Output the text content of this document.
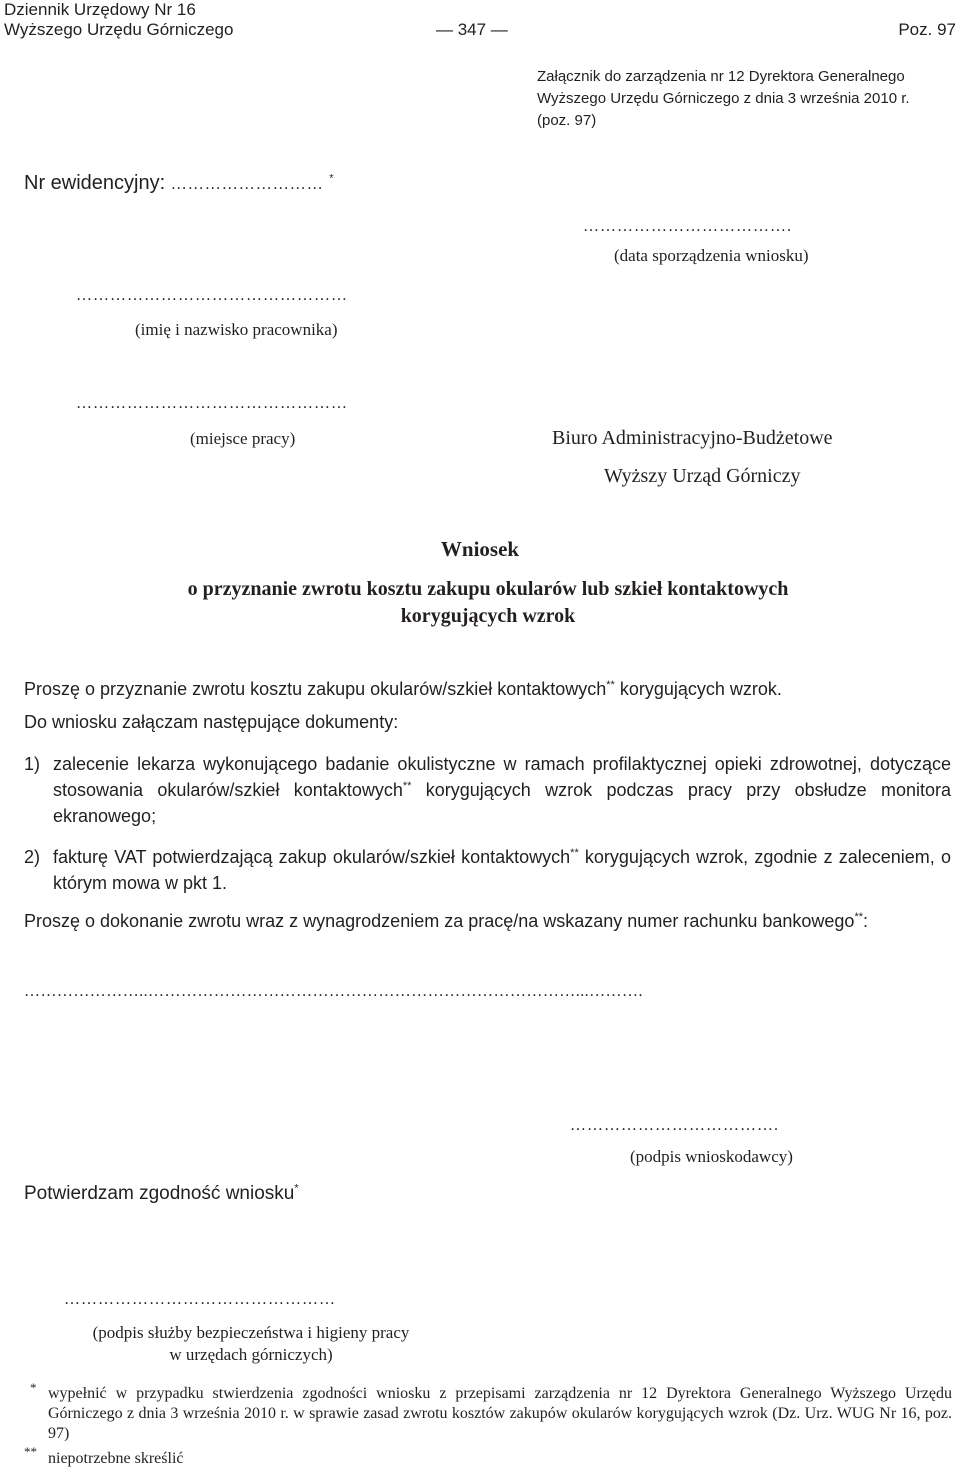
Dziennik Urzędowy Nr 16
Wyższego Urzędu Górniczego	— 347 —	Poz. 97
Załącznik do zarządzenia nr 12 Dyrektora Generalnego
Wyższego Urzędu Górniczego z dnia 3 września 2010 r.
(poz. 97)
Nr ewidencyjny: ……………………… *
……………………………….
(data sporządzenia wniosku)
…………………………………………
(imię i nazwisko pracownika)
…………………………………………
(miejsce pracy)	Biuro Administracyjno-Budżetowe
Wyższy Urząd Górniczy
Wniosek
o przyznanie zwrotu kosztu zakupu okularów lub szkieł kontaktowych
korygujących wzrok
Proszę o przyznanie zwrotu kosztu zakupu okularów/szkieł kontaktowych** korygujących wzrok.
Do wniosku załączam następujące dokumenty:
1) zalecenie lekarza wykonującego badanie okulistyczne w ramach profilaktycznej opieki zdrowotnej, dotyczące stosowania okularów/szkieł kontaktowych** korygujących wzrok podczas pracy przy obsłudze monitora ekranowego;
2) fakturę VAT potwierdzającą zakup okularów/szkieł kontaktowych** korygujących wzrok, zgodnie z zaleceniem, o którym mowa w pkt 1.
Proszę o dokonanie zwrotu wraz z wynagrodzeniem za pracę/na wskazany numer rachunku bankowego**:
…………………..……………………………………………………………………...……….
……………………………….
(podpis wnioskodawcy)
Potwierdzam zgodność wniosku*
…………………………………………
(podpis służby bezpieczeństwa i higieny pracy
w urzędach górniczych)
* wypełnić w przypadku stwierdzenia zgodności wniosku z przepisami zarządzenia nr 12 Dyrektora Generalnego Wyższego Urzędu Górniczego z dnia 3 września 2010 r. w sprawie zasad zwrotu kosztów zakupów okularów korygujących wzrok (Dz. Urz. WUG Nr 16, poz. 97)
** niepotrzebne skreślić
